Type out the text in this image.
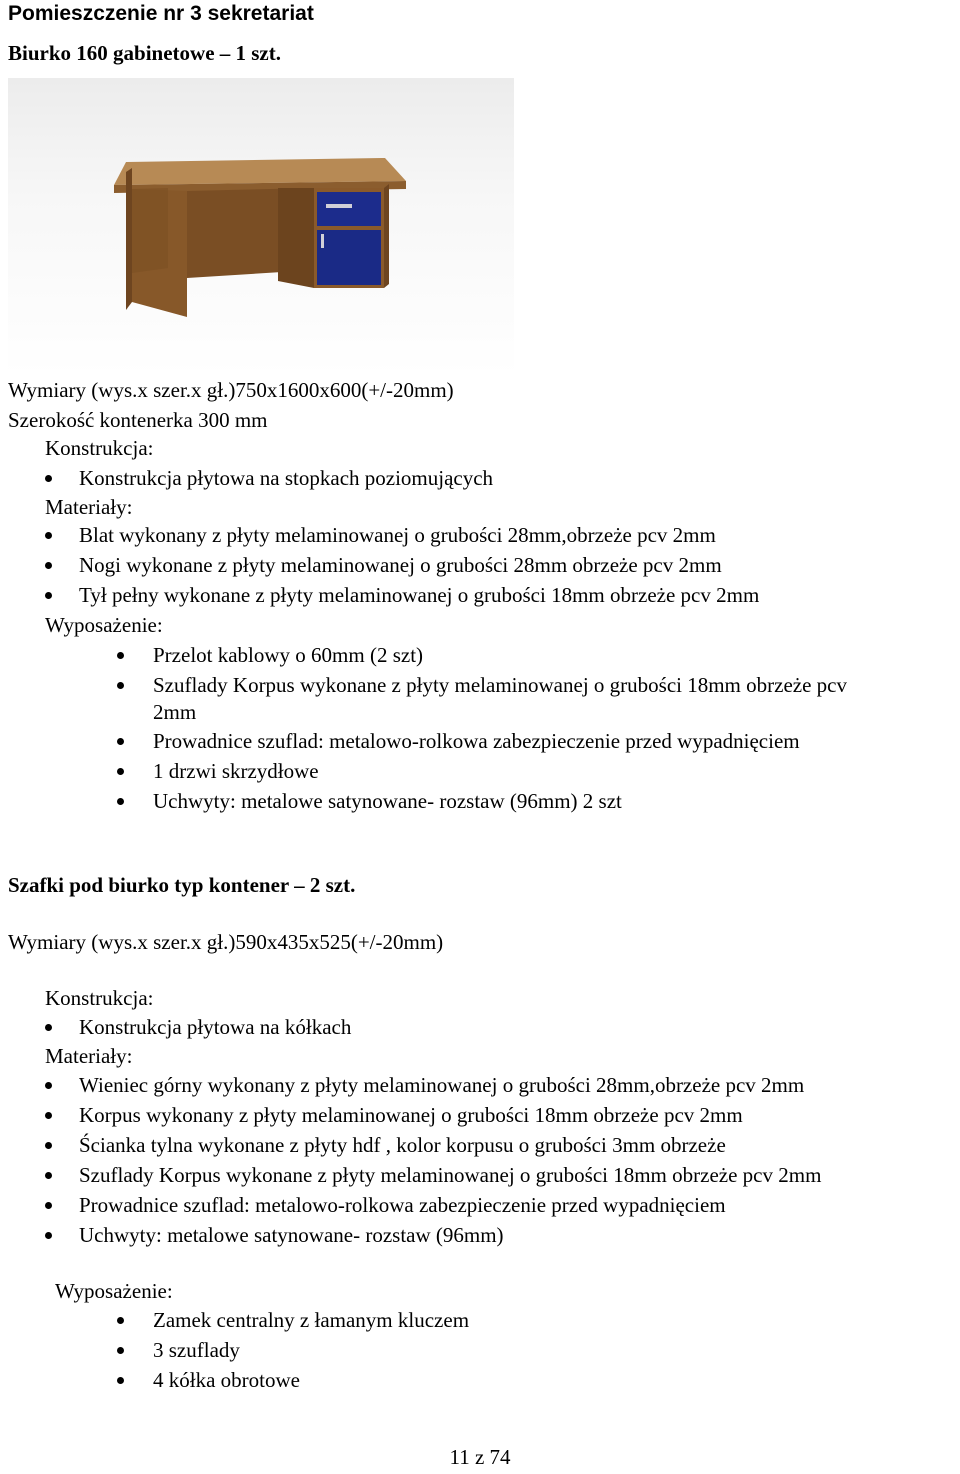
Pomieszczenie nr 3 sekretariat
Biurko 160 gabinetowe – 1 szt.
Wymiary (wys.x szer.x gł.)750x1600x600(+/-20mm)
Szerokość kontenerka 300 mm
Konstrukcja:
Konstrukcja płytowa na stopkach poziomujących
Materiały:
Blat wykonany z płyty melaminowanej o grubości 28mm,obrzeże pcv 2mm
Nogi wykonane z płyty melaminowanej o grubości 28mm obrzeże pcv 2mm
Tył pełny wykonane z płyty melaminowanej o grubości 18mm obrzeże pcv 2mm
Wyposażenie:
Przelot kablowy o 60mm (2 szt)
Szuflady Korpus wykonane z płyty melaminowanej o grubości 18mm obrzeże pcv
2mm
Prowadnice szuflad: metalowo-rolkowa zabezpieczenie przed wypadnięciem
1 drzwi skrzydłowe
Uchwyty: metalowe satynowane- rozstaw (96mm) 2 szt
Szafki pod biurko typ kontener – 2 szt.
Wymiary (wys.x szer.x gł.)590x435x525(+/-20mm)
Konstrukcja:
Konstrukcja płytowa na kółkach
Materiały:
Wieniec górny wykonany z płyty melaminowanej o grubości 28mm,obrzeże pcv 2mm
Korpus wykonany z płyty melaminowanej o grubości 18mm obrzeże pcv 2mm
Ścianka tylna wykonane z płyty hdf , kolor korpusu o grubości 3mm obrzeże
Szuflady Korpus wykonane z płyty melaminowanej o grubości 18mm obrzeże pcv 2mm
Prowadnice szuflad: metalowo-rolkowa zabezpieczenie przed wypadnięciem
Uchwyty: metalowe satynowane- rozstaw (96mm)
Wyposażenie:
Zamek centralny z łamanym kluczem
3 szuflady
4 kółka obrotowe
11 z 74
